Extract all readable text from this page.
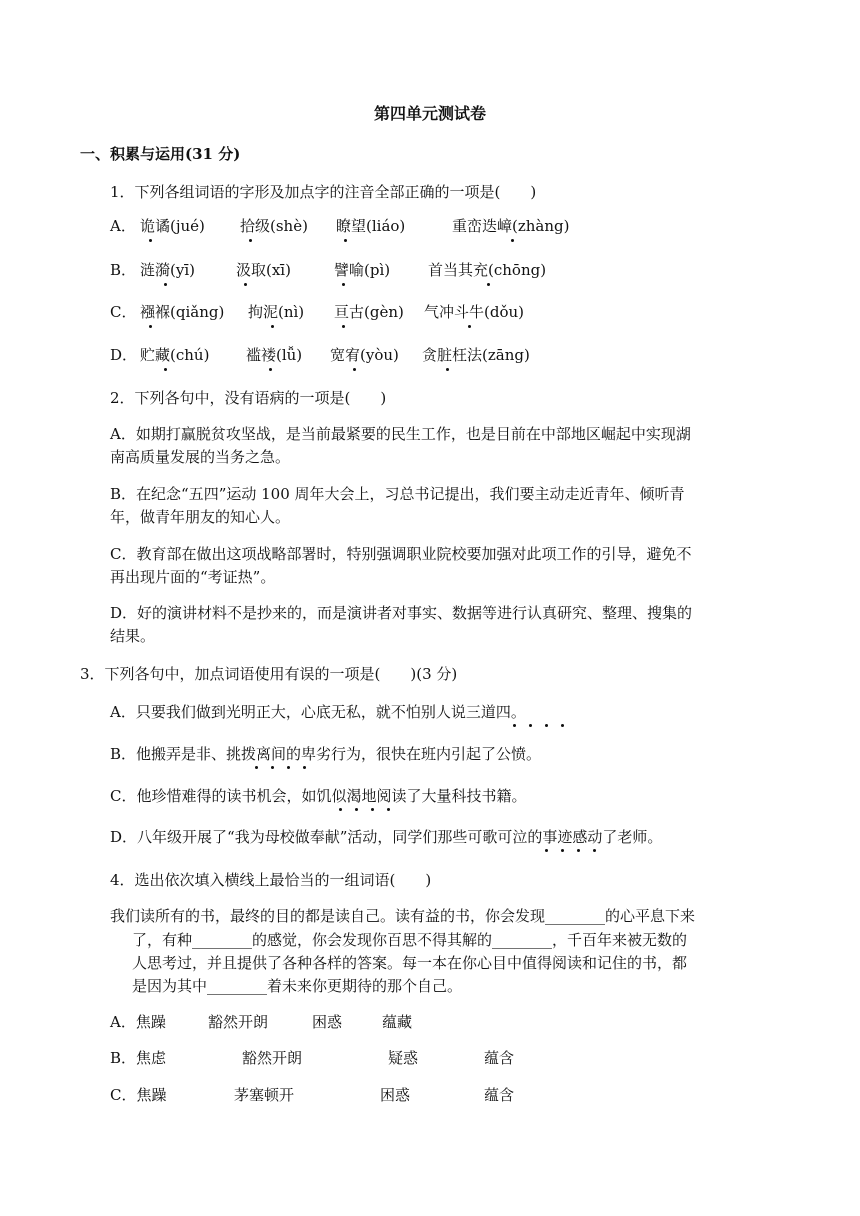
第四单元测试卷
一、积累与运用(31 分)
1．下列各组词语的字形及加点字的注音全部正确的一项是(　　)
A． 诡谲(jué) 拾级(shè) 瞭望(liáo)	重峦迭嶂(zhàng)
B． 涟漪(yī)	汲取(xī)	譬喻(pì)	首当其充(chōng)
C． 襁褓(qiǎng) 拘泥(nì) 亘古(gèn) 气冲斗牛(dǒu)
D． 贮藏(chú) 褴褛(lǚ) 宽宥(yòu) 贪脏枉法(zāng)
2．下列各句中，没有语病的一项是(　　)
A．如期打赢脱贫攻坚战，是当前最紧要的民生工作，也是目前在中部地区崛起中实现湖
南高质量发展的当务之急。
B．在纪念“五四”运动 100 周年大会上，习总书记提出，我们要主动走近青年、倾听青
年，做青年朋友的知心人。
C．教育部在做出这项战略部署时，特别强调职业院校要加强对此项工作的引导，避免不
再出现片面的“考证热”。
D．好的演讲材料不是抄来的，而是演讲者对事实、数据等进行认真研究、整理、搜集的
结果。
3．下列各句中，加点词语使用有误的一项是(　　)(3 分)
A．只要我们做到光明正大，心底无私，就不怕别人说三道四。
B．他搬弄是非、挑拨离间的卑劣行为，很快在班内引起了公愤。
C．他珍惜难得的读书机会，如饥似渴地阅读了大量科技书籍。
D．八年级开展了“我为母校做奉献”活动，同学们那些可歌可泣的事迹感动了老师。
4．选出依次填入横线上最恰当的一组词语(　　)
我们读所有的书，最终的目的都是读自己。读有益的书，你会发现________的心平息下来
了，有种________的感觉，你会发现你百思不得其解的________，千百年来被无数的
人思考过，并且提供了各种各样的答案。每一本在你心目中值得阅读和记住的书，都
是因为其中________着未来你更期待的那个自己。
A．焦躁	豁然开朗	困惑	蕴藏
B．焦虑	豁然开朗	疑惑	蕴含
C．焦躁	茅塞顿开	困惑	蕴含
